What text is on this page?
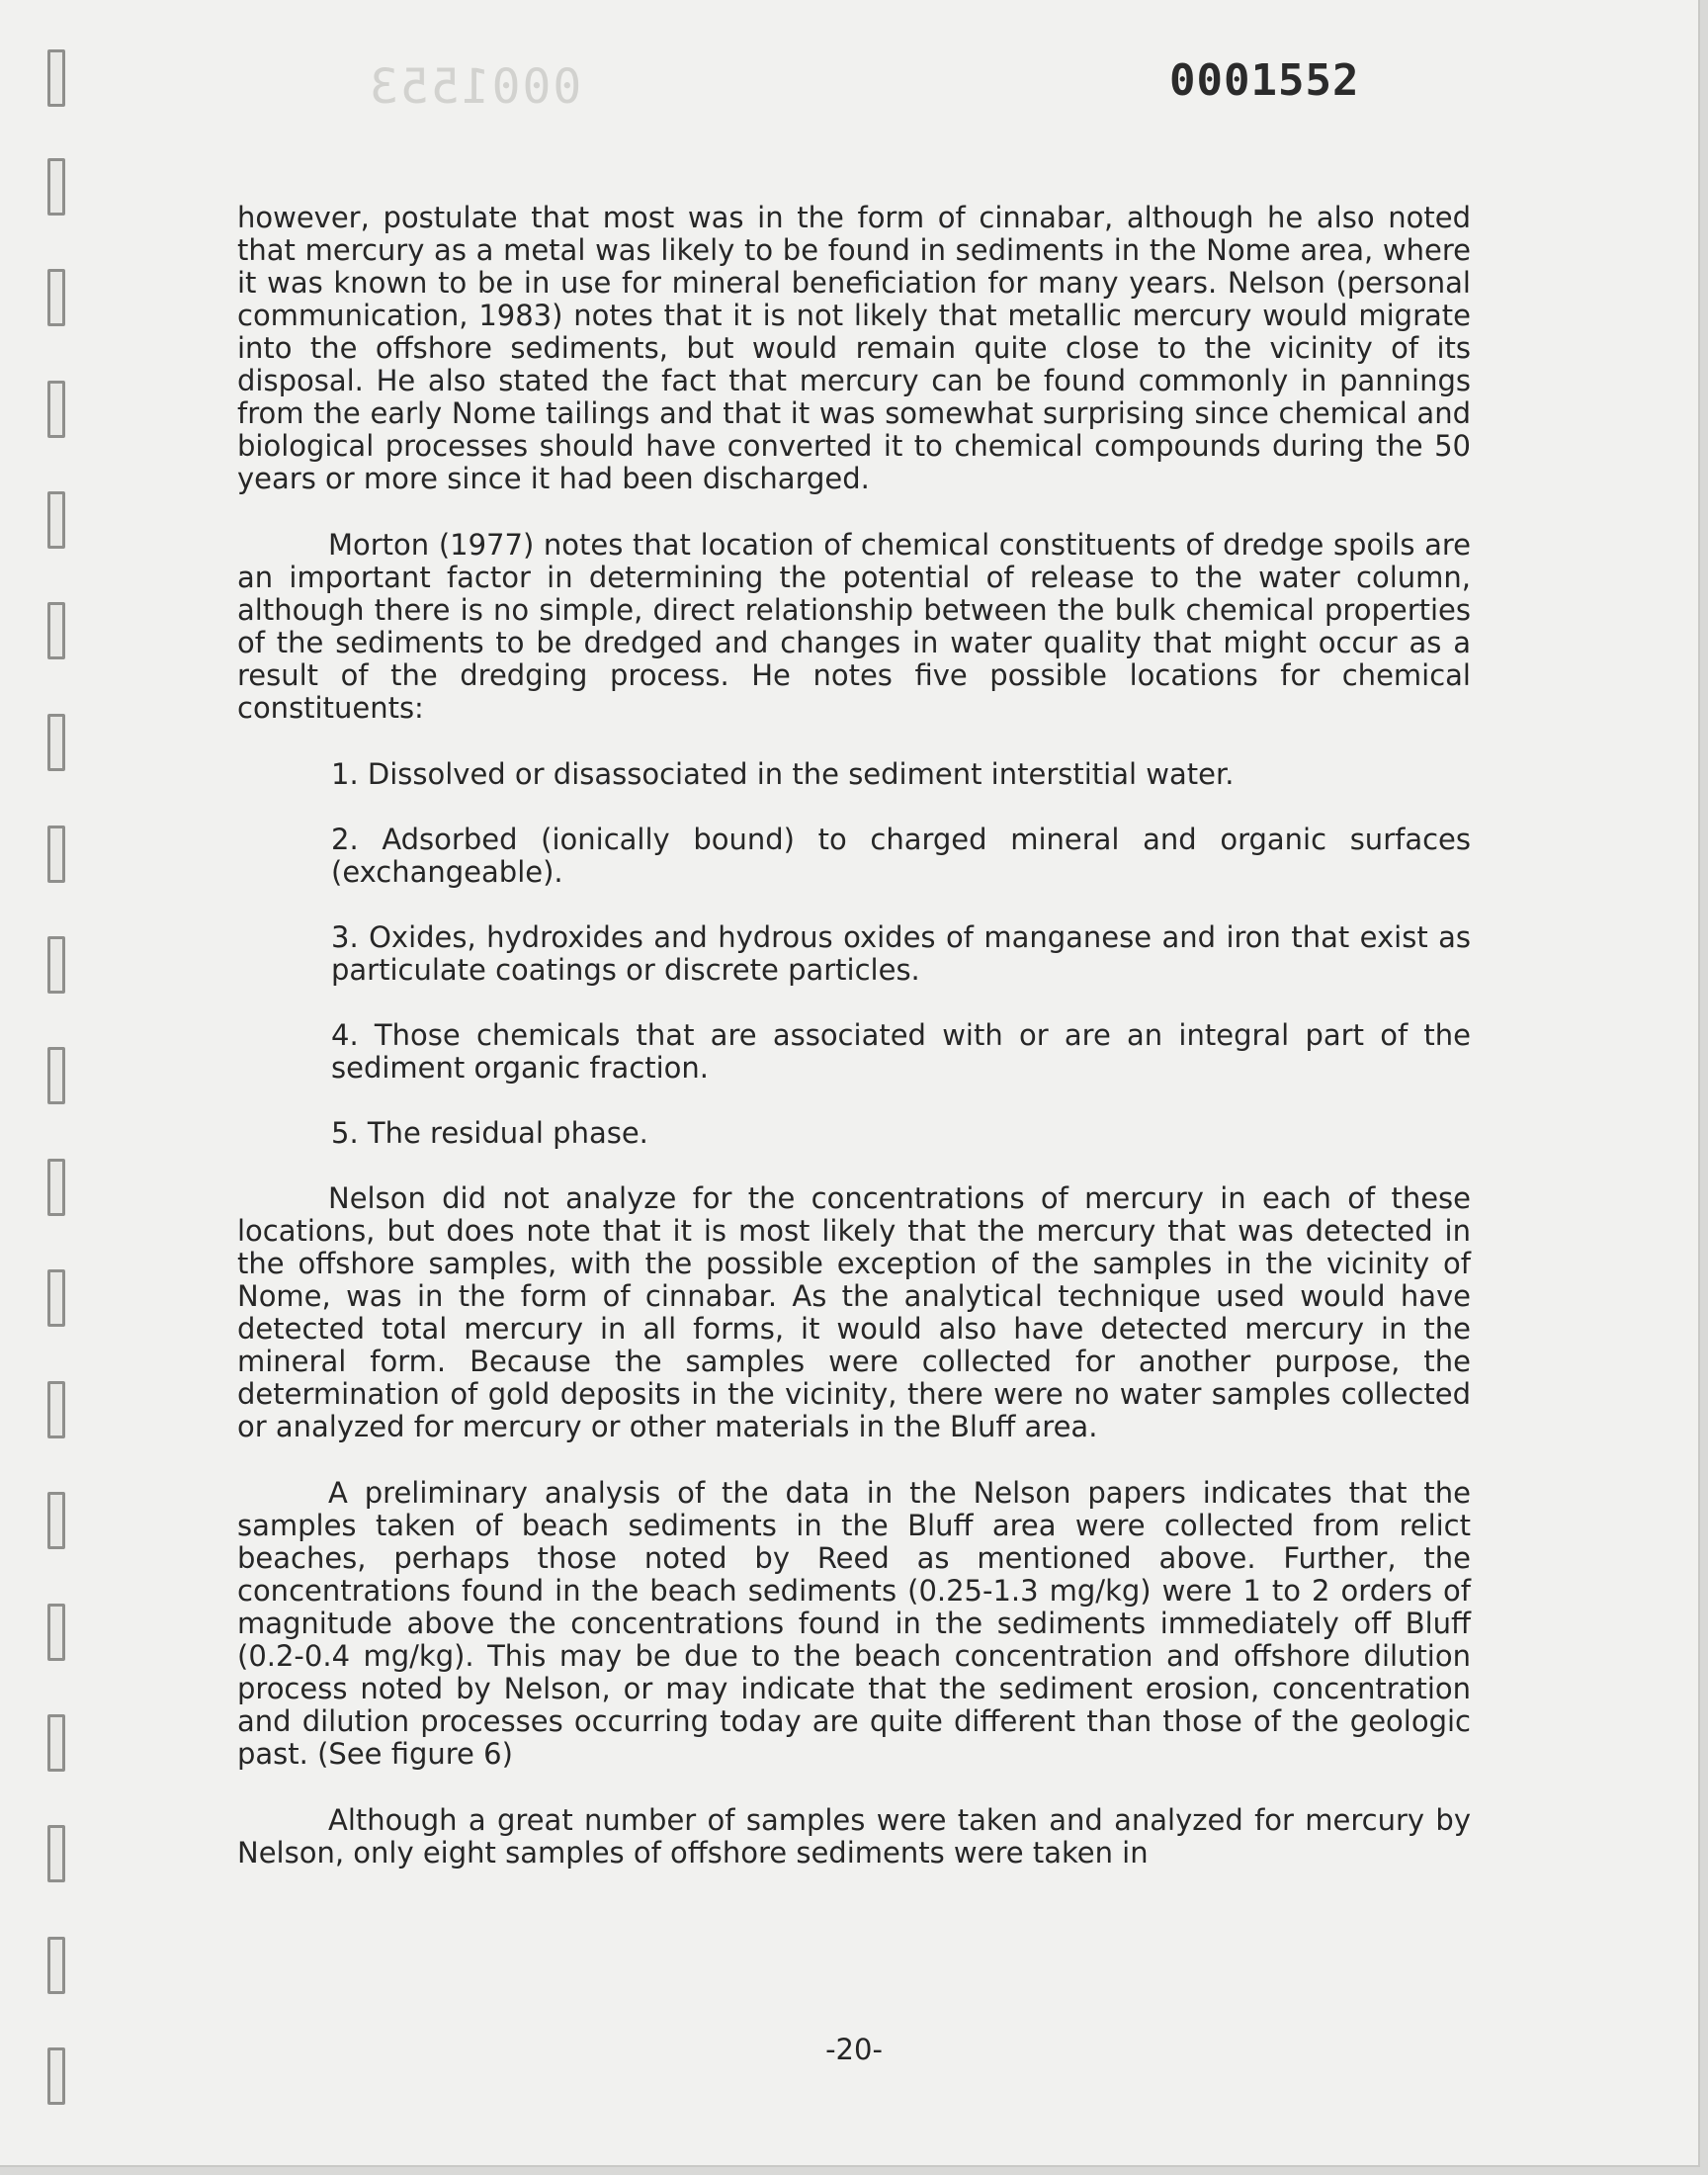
0001553	0001552

however, postulate that most was in the form of cinnabar, although he also noted that mercury as a metal was likely to be found in sediments in the Nome area, where it was known to be in use for mineral beneficiation for many years. Nelson (personal communication, 1983) notes that it is not likely that metallic mercury would migrate into the offshore sediments, but would remain quite close to the vicinity of its disposal. He also stated the fact that mercury can be found commonly in pannings from the early Nome tailings and that it was somewhat surprising since chemical and biological processes should have converted it to chemical compounds during the 50 years or more since it had been discharged.

Morton (1977) notes that location of chemical constituents of dredge spoils are an important factor in determining the potential of release to the water column, although there is no simple, direct relationship between the bulk chemical properties of the sediments to be dredged and changes in water quality that might occur as a result of the dredging process. He notes five possible locations for chemical constituents:

1. Dissolved or disassociated in the sediment interstitial water.

2. Adsorbed (ionically bound) to charged mineral and organic surfaces (exchangeable).

3. Oxides, hydroxides and hydrous oxides of manganese and iron that exist as particulate coatings or discrete particles.

4. Those chemicals that are associated with or are an integral part of the sediment organic fraction.

5. The residual phase.

Nelson did not analyze for the concentrations of mercury in each of these locations, but does note that it is most likely that the mercury that was detected in the offshore samples, with the possible exception of the samples in the vicinity of Nome, was in the form of cinnabar. As the analytical technique used would have detected total mercury in all forms, it would also have detected mercury in the mineral form. Because the samples were collected for another purpose, the determination of gold deposits in the vicinity, there were no water samples collected or analyzed for mercury or other materials in the Bluff area.

A preliminary analysis of the data in the Nelson papers indicates that the samples taken of beach sediments in the Bluff area were collected from relict beaches, perhaps those noted by Reed as mentioned above. Further, the concentrations found in the beach sediments (0.25-1.3 mg/kg) were 1 to 2 orders of magnitude above the concentrations found in the sediments immediately off Bluff (0.2-0.4 mg/kg). This may be due to the beach concentration and offshore dilution process noted by Nelson, or may indicate that the sediment erosion, concentration and dilution processes occurring today are quite different than those of the geologic past. (See figure 6)

Although a great number of samples were taken and analyzed for mercury by Nelson, only eight samples of offshore sediments were taken in

-20-
